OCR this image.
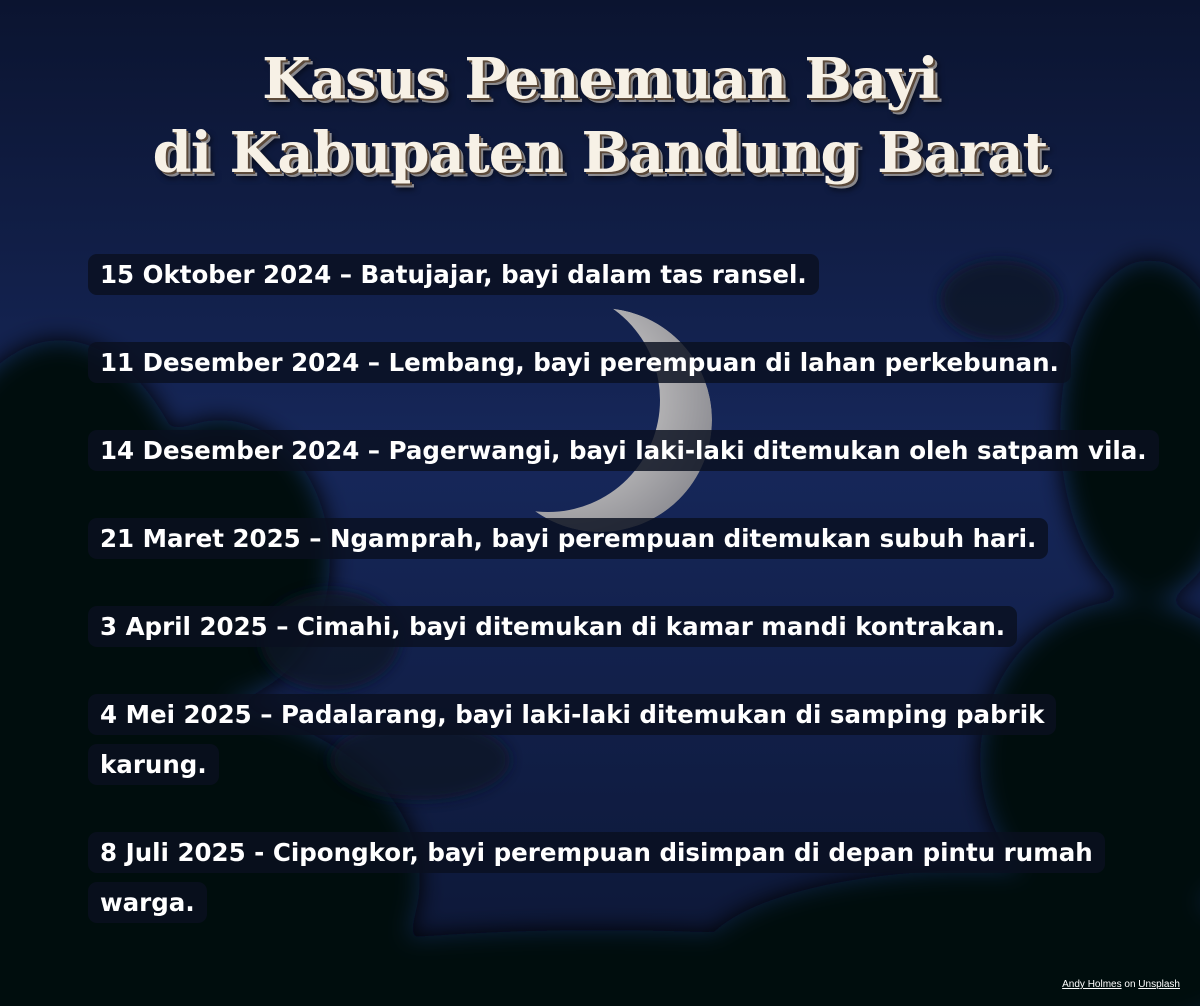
Kasus Penemuan Bayi
di Kabupaten Bandung Barat
15 Oktober 2024 – Batujajar, bayi dalam tas ransel.
11 Desember 2024 – Lembang, bayi perempuan di lahan perkebunan.
14 Desember 2024 – Pagerwangi, bayi laki-laki ditemukan oleh satpam vila.
21 Maret 2025 – Ngamprah, bayi perempuan ditemukan subuh hari.
3 April 2025 – Cimahi, bayi ditemukan di kamar mandi kontrakan.
4 Mei 2025 – Padalarang, bayi laki-laki ditemukan di samping pabrik karung.
8 Juli 2025 - Cipongkor, bayi perempuan disimpan di depan pintu rumah warga.
Andy Holmes on Unsplash
